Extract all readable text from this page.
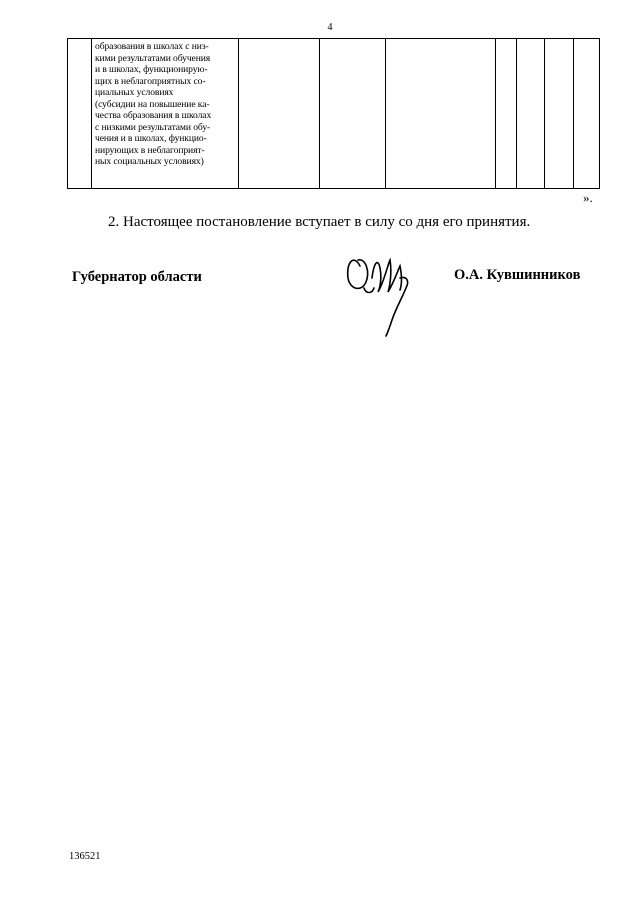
4

образования в школах с низ-
кими результатами обучения
и в школах, функционирую-
щих в неблагоприятных со-
циальных условиях
(субсидии на повышение ка-
чества образования в школах
с низкими результатами обу-
чения и в школах, функцио-
нирующих в неблагоприят-
ных социальных условиях)

».
2. Настоящее постановление вступает в силу со дня его принятия.
Губернатор области	О.А. Кувшинников
136521
